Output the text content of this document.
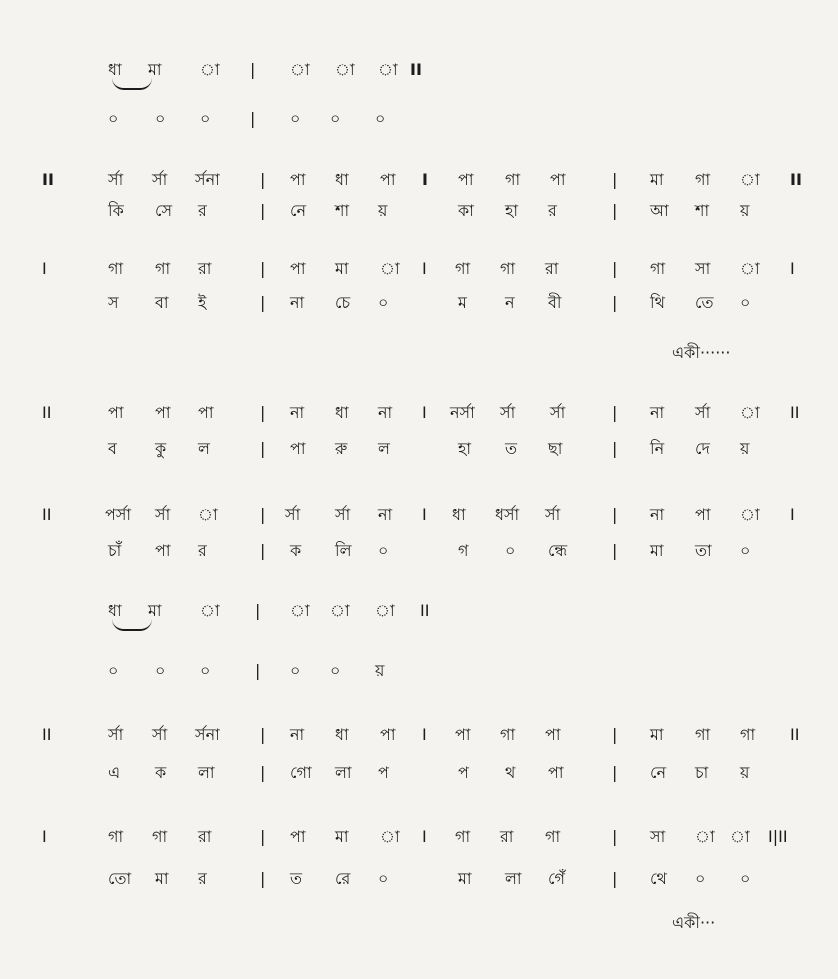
ধা মা া | া া া II
০ ০ ০ | ০ ০ ০
II	র্সা র্সা র্সনা	| পা ধা পা I পা গা পা	| মা গা া II
কি সে র	| নে শা য়	কা হা র	| আ শা য়
I	গা গা রা	| পা মা া I গা গা রা	| গা সা া I
স বা ই	| না চে ০	ম ন বী	| থি তে ০
একী······
II	পা পা পা	| না ধা না I নর্সা র্সা র্সা	| না র্সা া II
ব কু ল	| পা রু ল	হা ত ছা	| নি দে য়
II	পর্সা র্সা া	| র্সা র্সা না I ধা ধর্সা র্সা	| না পা া I
চাঁ পা র	| ক লি ০	গ ০ ন্ধে	| মা তা ০
ধা মা া | া া া II
০ ০ ০	| ০ ০ য়
II	র্সা র্সা র্সনা	| না ধা পা I পা গা পা	| মা গা গা II
এ ক লা	| গো লা প	প থ পা	| নে চা য়
I	গা গা রা	| পা মা া I গা রা গা	| সা া া I|II
তো মা র	| ত রে ০	মা লা গেঁ	| থে ০ ০
একী···
